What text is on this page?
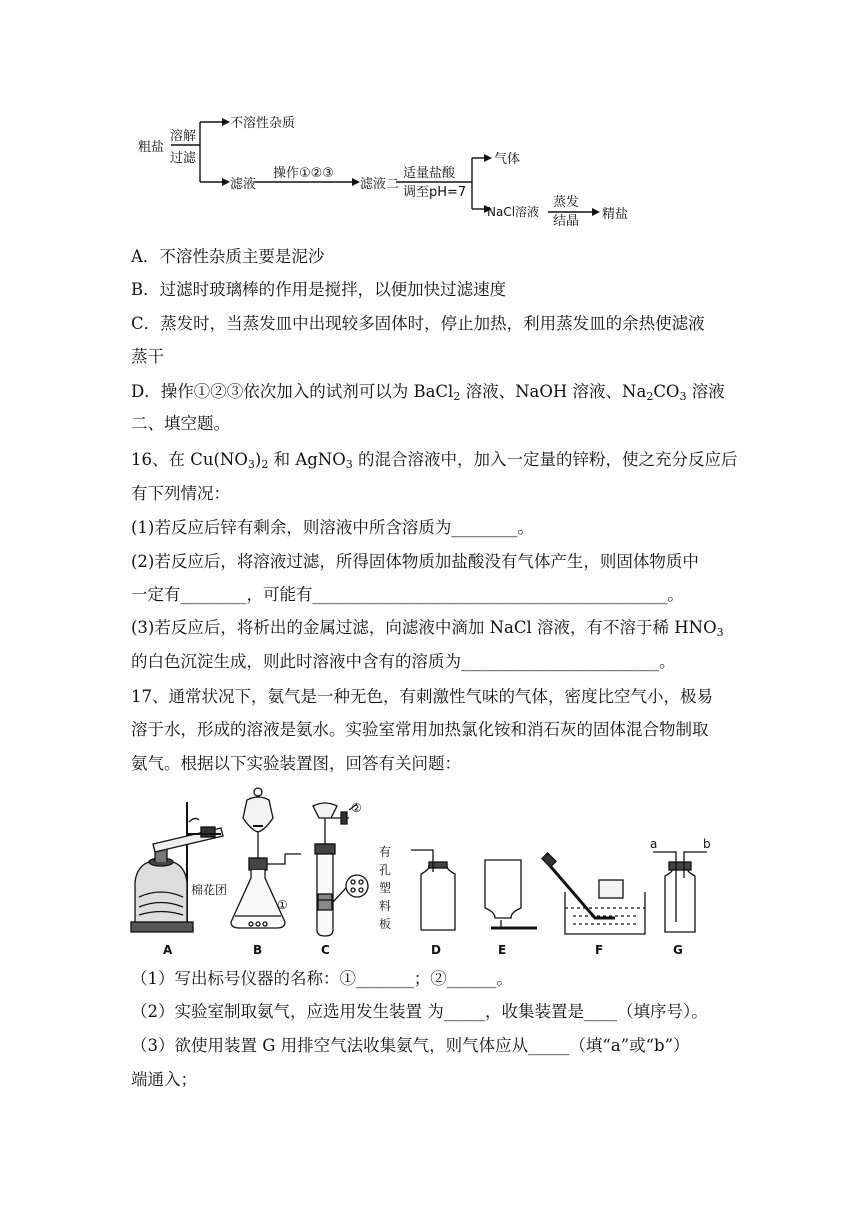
粗盐
溶解
过滤
不溶性杂质
滤液
操作①②③
滤液二
适量盐酸
调至pH=7
气体
NaCl溶液
蒸发
结晶 精盐
A．不溶性杂质主要是泥沙
B．过滤时玻璃棒的作用是搅拌，以便加快过滤速度
C．蒸发时，当蒸发皿中出现较多固体时，停止加热，利用蒸发皿的余热使滤液
蒸干
D．操作①②③依次加入的试剂可以为 BaCl$_2$ 溶液、NaOH 溶液、$Na_2CO_3$ 溶液
二、填空题。
16、在 $Cu(NO_3)_2$ 和 AgNO$_3$ 的混合溶液中，加入一定量的锌粉，使之充分反应后
有下列情况：
(1)若反应后锌有剩余，则溶液中所含溶质为________。
(2)若反应后，将溶液过滤，所得固体物质加盐酸没有气体产生，则固体物质中
一定有________，可能有___________________________________________。
(3)若反应后，将析出的金属过滤，向滤液中滴加 NaCl 溶液，有不溶于稀 $HNO_3$
的白色沉淀生成，则此时溶液中含有的溶质为________________________。
17、通常状况下，氨气是一种无色，有刺激性气味的气体，密度比空气小，极易
溶于水，形成的溶液是氨水。实验室常用加热氯化铵和消石灰的固体混合物制取
氨气。根据以下实验装置图，回答有关问题：
棉花团
①
②
有
孔
塑
料
板
a	b
A	B	C	D	E	F	G
（1）写出标号仪器的名称：①_______；②______。
（2）实验室制取氨气，应选用发生装置 为_____，收集装置是____（填序号）。
（3）欲使用装置 G 用排空气法收集氨气，则气体应从_____（填“a”或“b”）
端通入；
